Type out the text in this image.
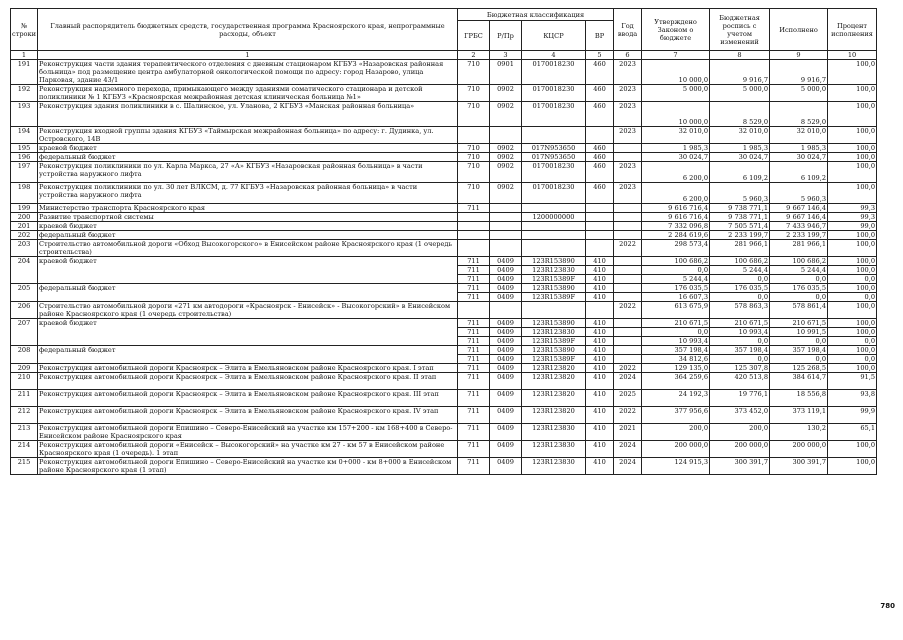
№ строки	Главный распорядитель бюджетных средств, государственная программа Красноярского края, непрограммные расходы, объект	Бюджетная классификация				Год ввода	Утверждено Законом о бюджете	Бюджетная роспись с учетом изменений	Исполнено	Процент исполнения
		ГРБС	Р/Пр	КЦСР	ВР					
1	1	2	3	4	5	6	7	8	9	10
191	Реконструкция части здания терапевтического отделения с дневным стационаром КГБУЗ «Назаровская районная больница» под размещение центра амбулаторной онкологической помощи по адресу: город Назарово, улица Парковая, здание 43/1	710	0901	0170018230	460	2023	10 000,0	9 916,7	9 916,7	100,0
192	Реконструкция надземного перехода, примыкающего между зданиями соматического стационара и детской поликлиники № 1 КГБУЗ «Красноярская межрайонная детская клиническая больница №1»	710	0902	0170018230	460	2023	5 000,0	5 000,0	5 000,0	100,0
193	Реконструкция здания поликлиники в с. Шалинское, ул. Уланова, 2 КГБУЗ «Манская районная больница»	710	0902	0170018230	460	2023	10 000,0	8 529,0	8 529,0	100,0
194	Реконструкция входной группы здания КГБУЗ «Таймырская межрайонная больница» по адресу: г. Дудинка, ул. Островского, 14В					2023	32 010,0	32 010,0	32 010,0	100,0
195	краевой бюджет	710	0902	017N953650	460		1 985,3	1 985,3	1 985,3	100,0
196	федеральный бюджет	710	0902	017N953650	460		30 024,7	30 024,7	30 024,7	100,0
197	Реконструкция поликлиники по ул. Карла Маркса, 27 «А» КГБУЗ «Назаровская районная больница» в части устройства наружного лифта	710	0902	0170018230	460	2023	6 200,0	6 109,2	6 109,2	100,0
198	Реконструкция поликлиники по ул. 30 лет ВЛКСМ, д. 77 КГБУЗ «Назаровская районная больница» в части устройства наружного лифта	710	0902	0170018230	460	2023	6 200,0	5 960,3	5 960,3	100,0
199	Министерство транспорта Красноярского края	711					9 616 716,4	9 738 771,1	9 667 146,4	99,3
200	Развитие транспортной системы			1200000000			9 616 716,4	9 738 771,1	9 667 146,4	99,3
201	краевой бюджет						7 332 096,8	7 505 571,4	7 433 946,7	99,0
202	федеральный бюджет						2 284 619,6	2 233 199,7	2 233 199,7	100,0
203	Строительство автомобильной дороги «Обход Высокогорского» в Енисейском районе Красноярского края (1 очередь строительства)					2022	298 573,4	281 966,1	281 966,1	100,0
204	краевой бюджет	711	0409	123R153890	410		100 686,2	100 686,2	100 686,2	100,0
		711	0409	123R123830	410		0,0	5 244,4	5 244,4	100,0
		711	0409	123R15389F	410		5 244,4	0,0	0,0	0,0
205	федеральный бюджет	711	0409	123R153890	410		176 035,5	176 035,5	176 035,5	100,0
		711	0409	123R15389F	410		16 607,3	0,0	0,0	0,0
206	Строительство автомобильной дороги «271 км автодороги «Красноярск - Енисейск» - Высокогорский» в Енисейском районе Красноярского края (1 очередь строительства)					2022	613 675,9	578 863,3	578 861,4	100,0
207	краевой бюджет	711	0409	123R153890	410		210 671,5	210 671,5	210 671,5	100,0
		711	0409	123R123830	410		0,0	10 993,4	10 991,5	100,0
		711	0409	123R15389F	410		10 993,4	0,0	0,0	0,0
208	федеральный бюджет	711	0409	123R153890	410		357 198,4	357 198,4	357 198,4	100,0
		711	0409	123R15389F	410		34 812,6	0,0	0,0	0,0
209	Реконструкция автомобильной дороги Красноярск – Элита в Емельяновском районе Красноярского края. I этап	711	0409	123R123820	410	2022	129 135,0	125 307,8	125 268,5	100,0
210	Реконструкция автомобильной дороги Красноярск – Элита в Емельяновском районе Красноярского края. II этап	711	0409	123R123820	410	2024	364 259,6	420 513,8	384 614,7	91,5
211	Реконструкция автомобильной дороги Красноярск – Элита в Емельяновском районе Красноярского края. III этап	711	0409	123R123820	410	2025	24 192,3	19 776,1	18 556,8	93,8
212	Реконструкция автомобильной дороги Красноярск – Элита в Емельяновском районе Красноярского края. IV этап	711	0409	123R123820	410	2022	377 956,6	373 452,0	373 119,1	99,9
213	Реконструкция автомобильной дороги Епишино – Северо-Енисейский на участке км 157+200 - км 168+400 в Северо-Енисейском районе Красноярского края	711	0409	123R123830	410	2021	200,0	200,0	130,2	65,1
214	Реконструкция автомобильной дороги «Енисейск – Высокогорский» на участке км 27 - км 57 в Енисейском районе Красноярского края (1 очередь). 1 этап	711	0409	123R123830	410	2024	200 000,0	200 000,0	200 000,0	100,0
215	Реконструкция автомобильной дороги Епишино – Северо-Енисейский на участке км 0+000 - км 8+000 в Енисейском районе Красноярского края (1 этап)	711	0409	123R123830	410	2024	124 915,3	300 391,7	300 391,7	100,0
780
